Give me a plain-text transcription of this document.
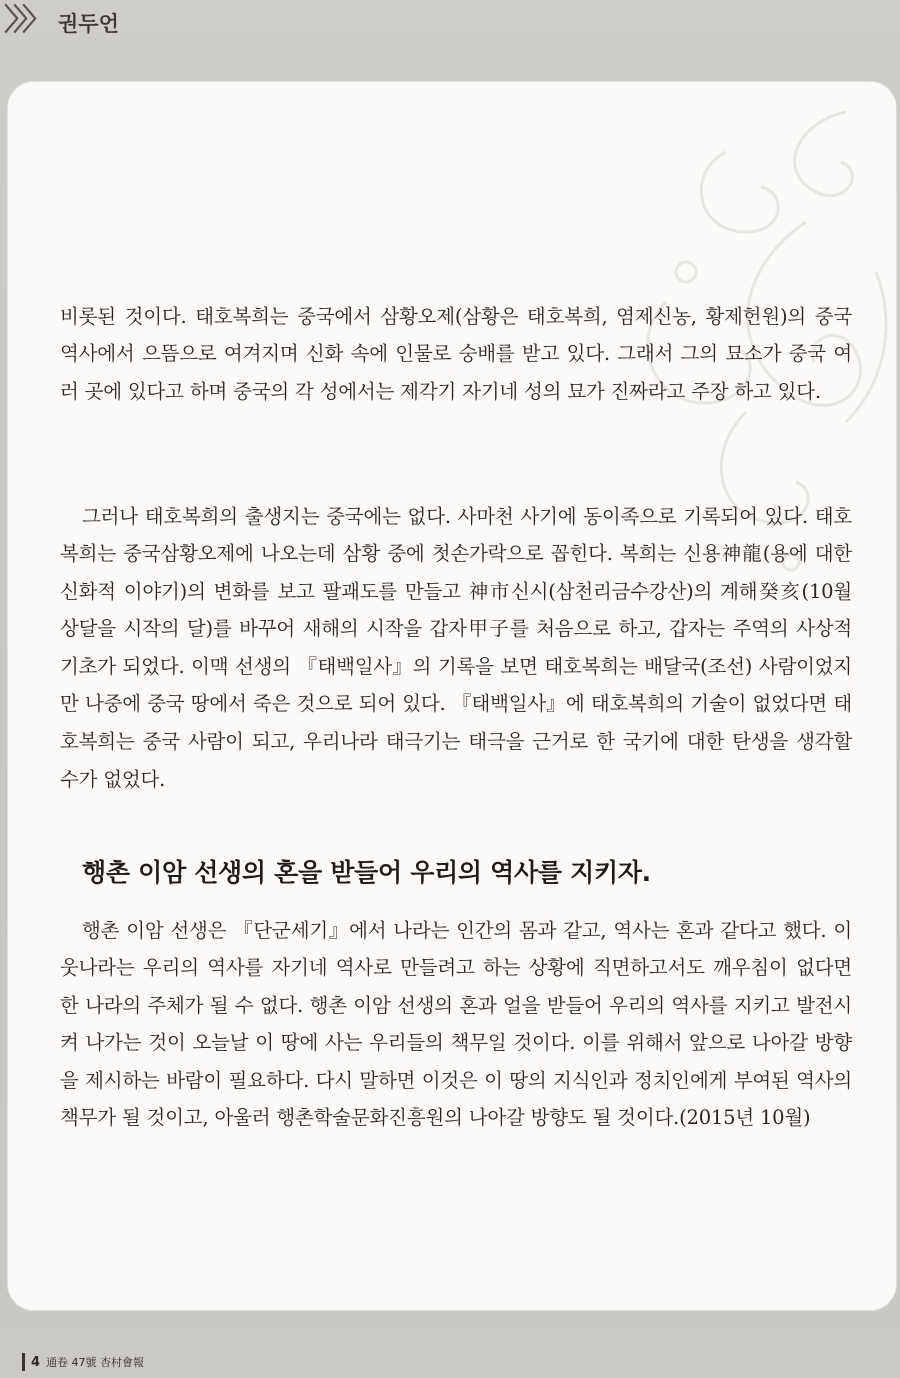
〉〉〉 권두언

비롯된 것이다. 태호복희는 중국에서 삼황오제(삼황은 태호복희, 염제신농, 황제헌원)의 중국 역사에서 으뜸으로 여겨지며 신화 속에 인물로 숭배를 받고 있다. 그래서 그의 묘소가 중국 여러 곳에 있다고 하며 중국의 각 성에서는 제각기 자기네 성의 묘가 진짜라고 주장 하고 있다.

그러나 태호복희의 출생지는 중국에는 없다. 사마천 사기에 동이족으로 기록되어 있다. 태호복희는 중국삼황오제에 나오는데 삼황 중에 첫손가락으로 꼽힌다. 복희는 신용神龍(용에 대한 신화적 이야기)의 변화를 보고 팔괘도를 만들고 神市신시(삼천리금수강산)의 계해癸亥(10월 상달을 시작의 달)를 바꾸어 새해의 시작을 갑자甲子를 처음으로 하고, 갑자는 주역의 사상적 기초가 되었다. 이맥 선생의 『태백일사』의 기록을 보면 태호복희는 배달국(조선) 사람이었지만 나중에 중국 땅에서 죽은 것으로 되어 있다. 『태백일사』에 태호복희의 기술이 없었다면 태호복희는 중국 사람이 되고, 우리나라 태극기는 태극을 근거로 한 국기에 대한 탄생을 생각할 수가 없었다.

행촌 이암 선생의 혼을 받들어 우리의 역사를 지키자.

행촌 이암 선생은 『단군세기』에서 나라는 인간의 몸과 같고, 역사는 혼과 같다고 했다. 이웃나라는 우리의 역사를 자기네 역사로 만들려고 하는 상황에 직면하고서도 깨우침이 없다면 한 나라의 주체가 될 수 없다. 행촌 이암 선생의 혼과 얼을 받들어 우리의 역사를 지키고 발전시켜 나가는 것이 오늘날 이 땅에 사는 우리들의 책무일 것이다. 이를 위해서 앞으로 나아갈 방향을 제시하는 바람이 필요하다. 다시 말하면 이것은 이 땅의 지식인과 정치인에게 부여된 역사의 책무가 될 것이고, 아울러 행촌학술문화진흥원의 나아갈 방향도 될 것이다.(2015년 10월)

4 通卷 47號 杏村會報
